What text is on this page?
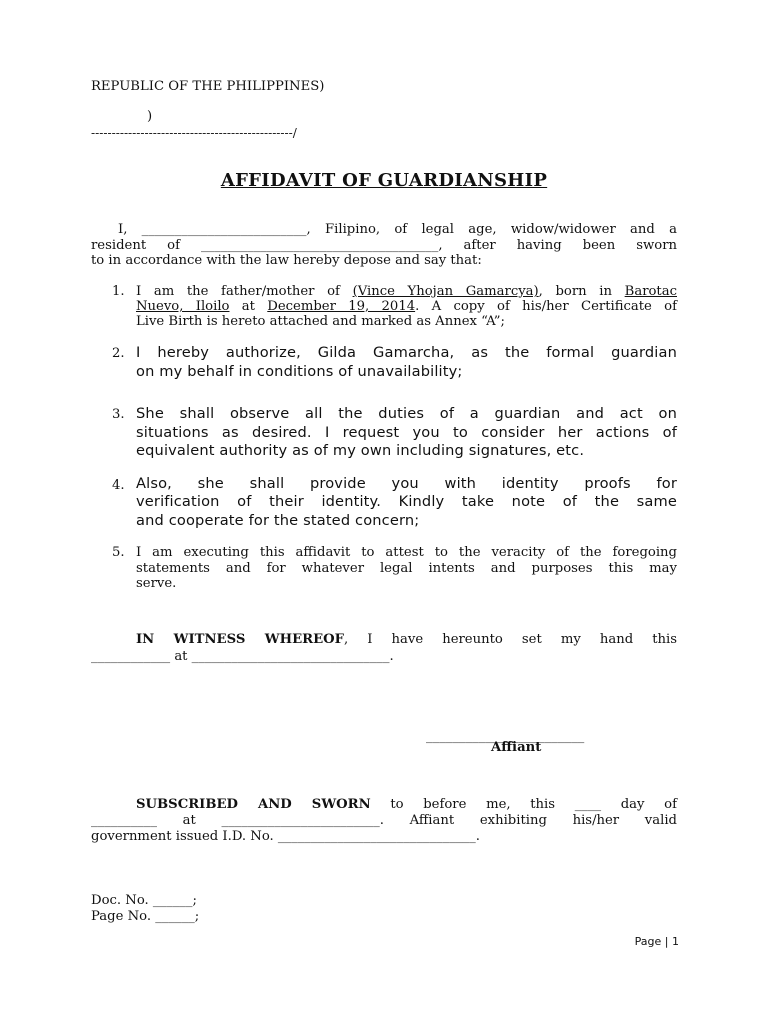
REPUBLIC OF THE PHILIPPINES)
)
-------------------------------------------------/
AFFIDAVIT OF GUARDIANSHIP
I, _________________________, Filipino, of legal age, widow/widower and a
resident of ____________________________________, after having been sworn
to in accordance with the law hereby depose and say that:
1. I am the father/mother of (Vince Yhojan Gamarcya), born in Barotac
Nuevo, Iloilo at December 19, 2014. A copy of his/her Certificate of
Live Birth is hereto attached and marked as Annex “A”;
2. I hereby authorize, Gilda Gamarcha, as the formal guardian
on my behalf in conditions of unavailability;
3. She shall observe all the duties of a guardian and act on
situations as desired. I request you to consider her actions of
equivalent authority as of my own including signatures, etc.
4. Also, she shall provide you with identity proofs for
verification of their identity. Kindly take note of the same
and cooperate for the stated concern;
5. I am executing this affidavit to attest to the veracity of the foregoing
statements and for whatever legal intents and purposes this may
serve.
IN WITNESS WHEREOF, I have hereunto set my hand this
____________ at ______________________________.
________________________
Affiant
SUBSCRIBED AND SWORN to before me, this ____ day of
__________ at ________________________. Affiant exhibiting his/her valid
government issued I.D. No. ______________________________.
Doc. No. ______;
Page No. ______;
Page | 1
